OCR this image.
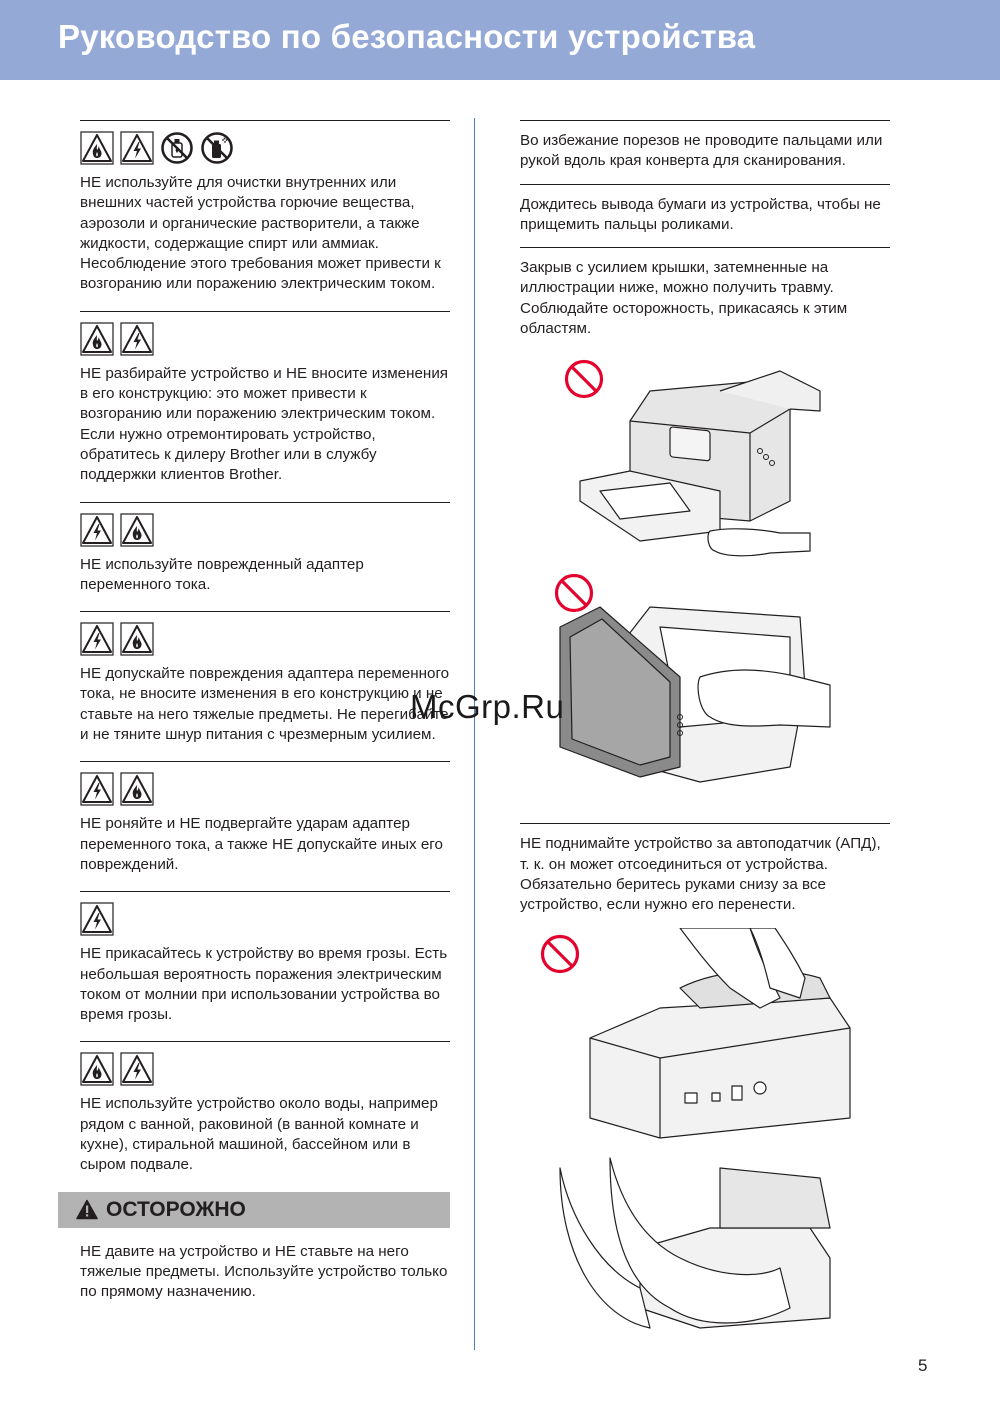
Руководство по безопасности устройства
НЕ используйте для очистки внутренних или внешних частей устройства горючие вещества, аэрозоли и органические растворители, а также жидкости, содержащие спирт или аммиак. Несоблюдение этого требования может привести к возгоранию или поражению электрическим током.
НЕ разбирайте устройство и НЕ вносите изменения в его конструкцию: это может привести к возгоранию или поражению электрическим током. Если нужно отремонтировать устройство, обратитесь к дилеру Brother или в службу поддержки клиентов Brother.
НЕ используйте поврежденный адаптер переменного тока.
НЕ допускайте повреждения адаптера переменного тока, не вносите изменения в его конструкцию и не ставьте на него тяжелые предметы. Не перегибайте и не тяните шнур питания с чрезмерным усилием.
НЕ роняйте и НЕ подвергайте ударам адаптер переменного тока, а также НЕ допускайте иных его повреждений.
НЕ прикасайтесь к устройству во время грозы. Есть небольшая вероятность поражения электрическим током от молнии при использовании устройства во время грозы.
НЕ используйте устройство около воды, например рядом с ванной, раковиной (в ванной комнате и кухне), стиральной машиной, бассейном или в сыром подвале.
ОСТОРОЖНО
НЕ давите на устройство и НЕ ставьте на него тяжелые предметы. Используйте устройство только по прямому назначению.
Во избежание порезов не проводите пальцами или рукой вдоль края конверта для сканирования.
Дождитесь вывода бумаги из устройства, чтобы не прищемить пальцы роликами.
Закрыв с усилием крышки, затемненные на иллюстрации ниже, можно получить травму. Соблюдайте осторожность, прикасаясь к этим областям.
НЕ поднимайте устройство за автоподатчик (АПД), т. к. он может отсоединиться от устройства. Обязательно беритесь руками снизу за все устройство, если нужно его перенести.
McGrp.Ru
5
